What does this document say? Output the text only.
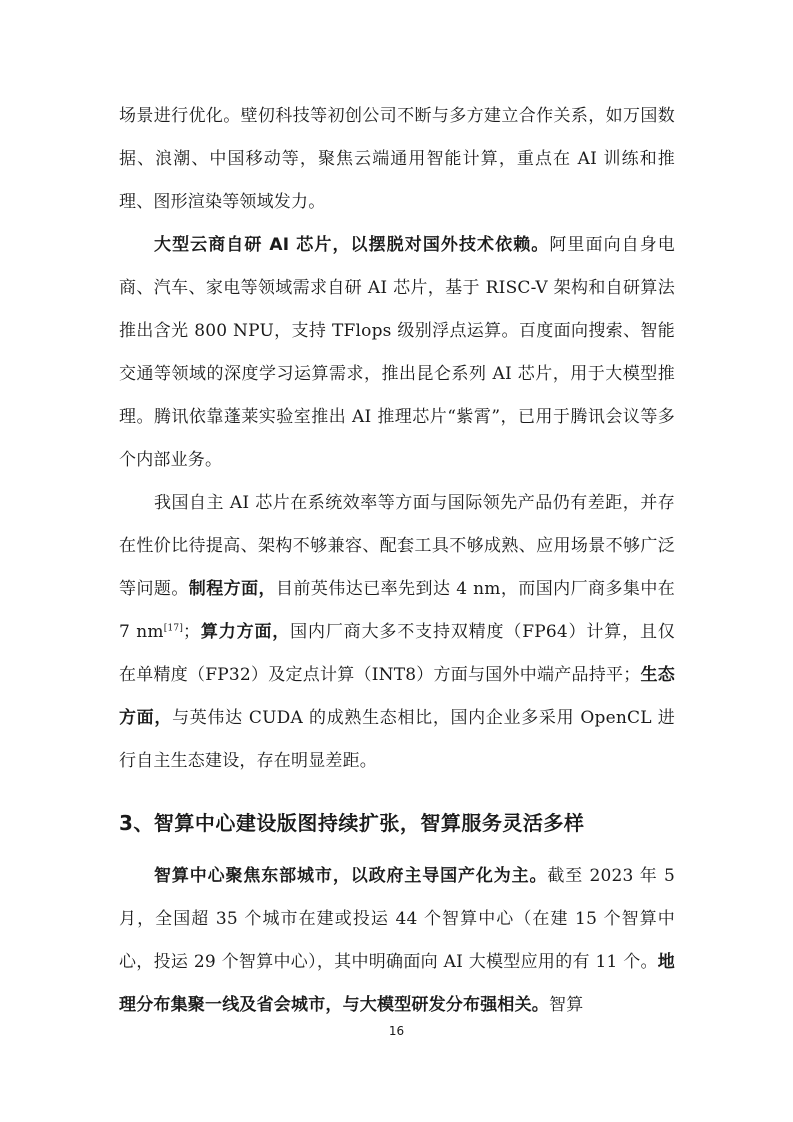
场景进行优化。壁仞科技等初创公司不断与多方建立合作关系，如万国数据、浪潮、中国移动等，聚焦云端通用智能计算，重点在 AI 训练和推理、图形渲染等领域发力。

大型云商自研 AI 芯片，以摆脱对国外技术依赖。阿里面向自身电商、汽车、家电等领域需求自研 AI 芯片，基于 RISC-V 架构和自研算法推出含光 800 NPU，支持 TFlops 级别浮点运算。百度面向搜索、智能交通等领域的深度学习运算需求，推出昆仑系列 AI 芯片，用于大模型推理。腾讯依靠蓬莱实验室推出 AI 推理芯片“紫霄”，已用于腾讯会议等多个内部业务。

我国自主 AI 芯片在系统效率等方面与国际领先产品仍有差距，并存在性价比待提高、架构不够兼容、配套工具不够成熟、应用场景不够广泛等问题。制程方面，目前英伟达已率先到达 4 nm，而国内厂商多集中在 7 nm[17]；算力方面，国内厂商大多不支持双精度（FP64）计算，且仅在单精度（FP32）及定点计算（INT8）方面与国外中端产品持平；生态方面，与英伟达 CUDA 的成熟生态相比，国内企业多采用 OpenCL 进行自主生态建设，存在明显差距。

3、智算中心建设版图持续扩张，智算服务灵活多样

智算中心聚焦东部城市，以政府主导国产化为主。截至 2023 年 5 月，全国超 35 个城市在建或投运 44 个智算中心（在建 15 个智算中心，投运 29 个智算中心），其中明确面向 AI 大模型应用的有 11 个。地理分布集聚一线及省会城市，与大模型研发分布强相关。智算

16
